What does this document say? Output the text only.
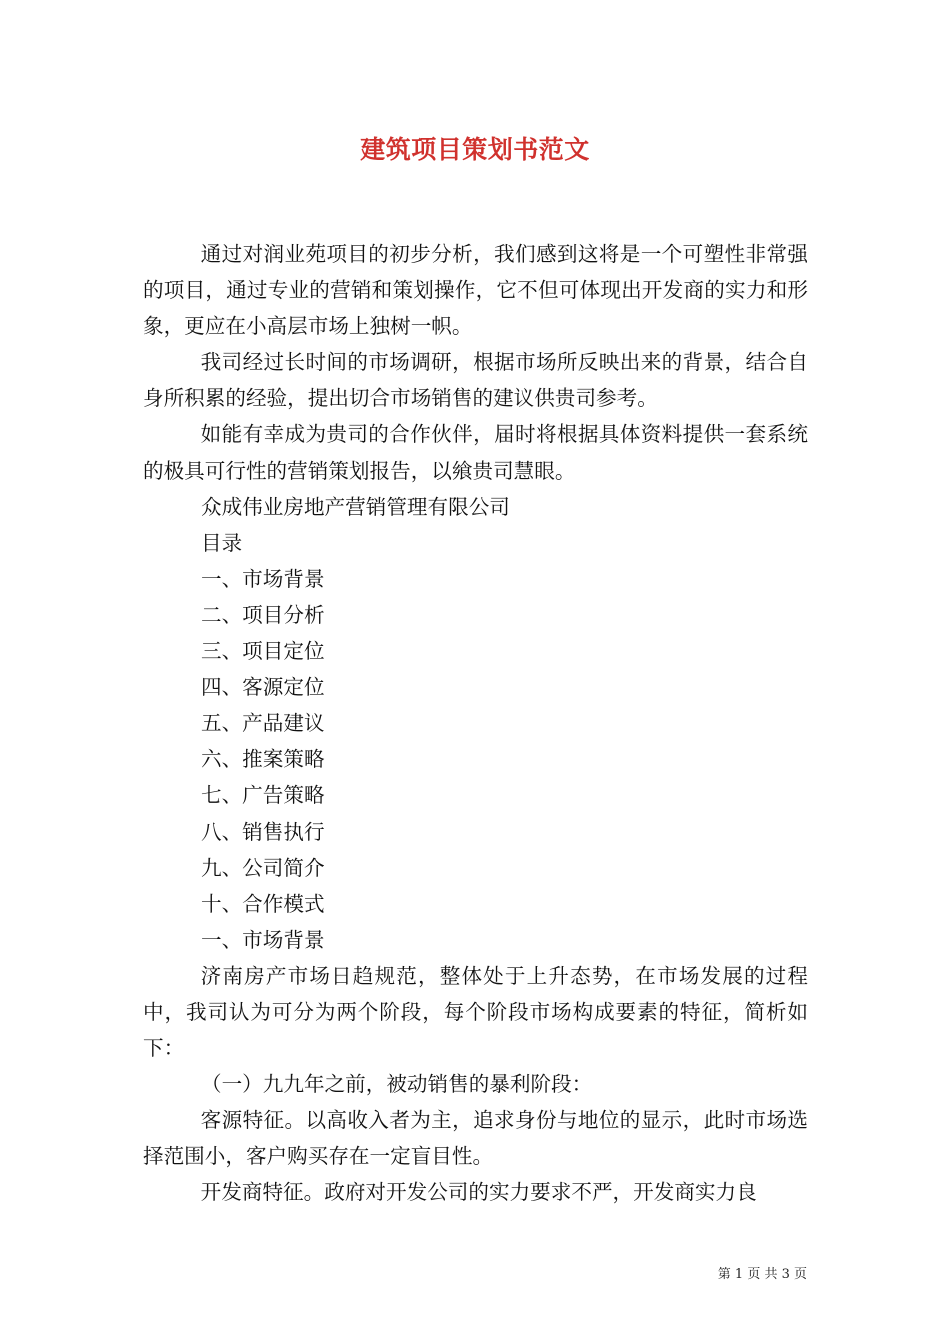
建筑项目策划书范文

通过对润业苑项目的初步分析，我们感到这将是一个可塑性非常强的项目，通过专业的营销和策划操作，它不但可体现出开发商的实力和形象，更应在小高层市场上独树一帜。

我司经过长时间的市场调研，根据市场所反映出来的背景，结合自身所积累的经验，提出切合市场销售的建议供贵司参考。

如能有幸成为贵司的合作伙伴，届时将根据具体资料提供一套系统的极具可行性的营销策划报告，以飨贵司慧眼。

众成伟业房地产营销管理有限公司

目录

一、市场背景

二、项目分析

三、项目定位

四、客源定位

五、产品建议

六、推案策略

七、广告策略

八、销售执行

九、公司简介

十、合作模式

一、市场背景

济南房产市场日趋规范，整体处于上升态势，在市场发展的过程中，我司认为可分为两个阶段，每个阶段市场构成要素的特征，简析如下：

（一）九九年之前，被动销售的暴利阶段：

客源特征。以高收入者为主，追求身份与地位的显示，此时市场选择范围小，客户购买存在一定盲目性。

开发商特征。政府对开发公司的实力要求不严，开发商实力良

第 1 页 共 3 页
